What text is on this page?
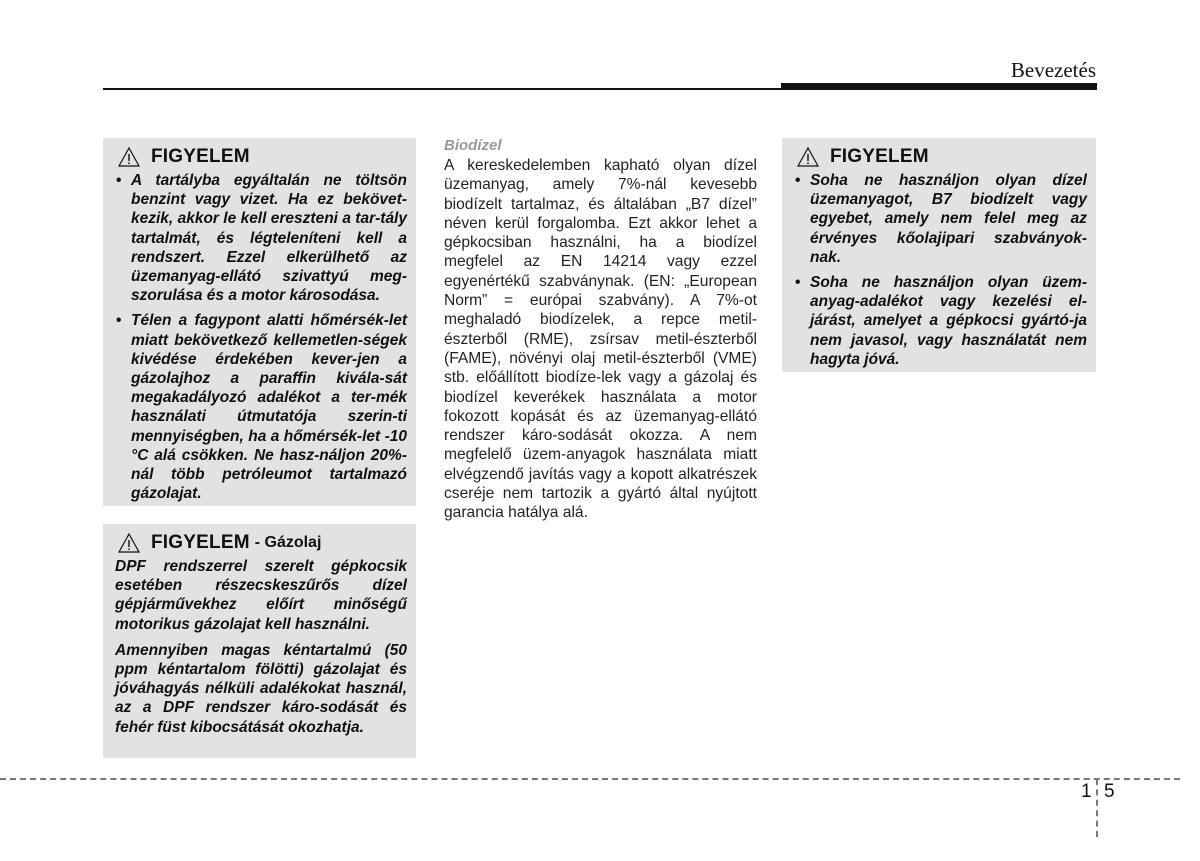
Bevezetés
FIGYELEM
• A tartályba egyáltalán ne töltsön benzint vagy vizet. Ha ez bekövet-kezik, akkor le kell ereszteni a tar-tály tartalmát, és légteleníteni kell a rendszert. Ezzel elkerülhető az üzemanyag-ellátó szivattyú meg-szorulása és a motor károsodása.
• Télen a fagypont alatti hőmérsék-let miatt bekövetkező kellemetlen-ségek kivédése érdekében kever-jen a gázolajhoz a paraffin kivála-sát megakadályozó adalékot a ter-mék használati útmutatója szerin-ti mennyiségben, ha a hőmérsék-let -10 °C alá csökken. Ne hasz-náljon 20%-nál több petróleumot tartalmazó gázolajat.
FIGYELEM - Gázolaj

DPF rendszerrel szerelt gépkocsik esetében részecskeszűrős dízel gépjárművekhez előírt minőségű motorikus gázolajat kell használni.

Amennyiben magas kéntartalmú (50 ppm kéntartalom fölötti) gázolajat és jóváhagyás nélküli adalékokat használ, az a DPF rendszer káro-sodását és fehér füst kibocsátását okozhatja.

Biodízel

A kereskedelemben kapható olyan dízel üzemanyag, amely 7%-nál kevesebb biodízelt tartalmaz, és általában „B7 dízel” néven kerül forgalomba. Ezt akkor lehet a gépkocsiban használni, ha a biodízel megfelel az EN 14214 vagy ezzel egyenértékű szabványnak. (EN: „European Norm” = európai szabvány). A 7%-ot meghaladó biodízelek, a repce metil-észterből (RME), zsírsav metil-észterből (FAME), növényi olaj metil-észterből (VME) stb. előállított biodíze-lek vagy a gázolaj és biodízel keverékek használata a motor fokozott kopását és az üzemanyag-ellátó rendszer káro-sodását okozza. A nem megfelelő üzem-anyagok használata miatt elvégzendő javítás vagy a kopott alkatrészek cseréje nem tartozik a gyártó által nyújtott garancia hatálya alá.

FIGYELEM
• Soha ne használjon olyan dízel üzemanyagot, B7 biodízelt vagy egyebet, amely nem felel meg az érvényes kőolajipari szabványok-nak.
• Soha ne használjon olyan üzem-anyag-adalékot vagy kezelési el-járást, amelyet a gépkocsi gyártó-ja nem javasol, vagy használatát nem hagyta jóvá.
1 5
